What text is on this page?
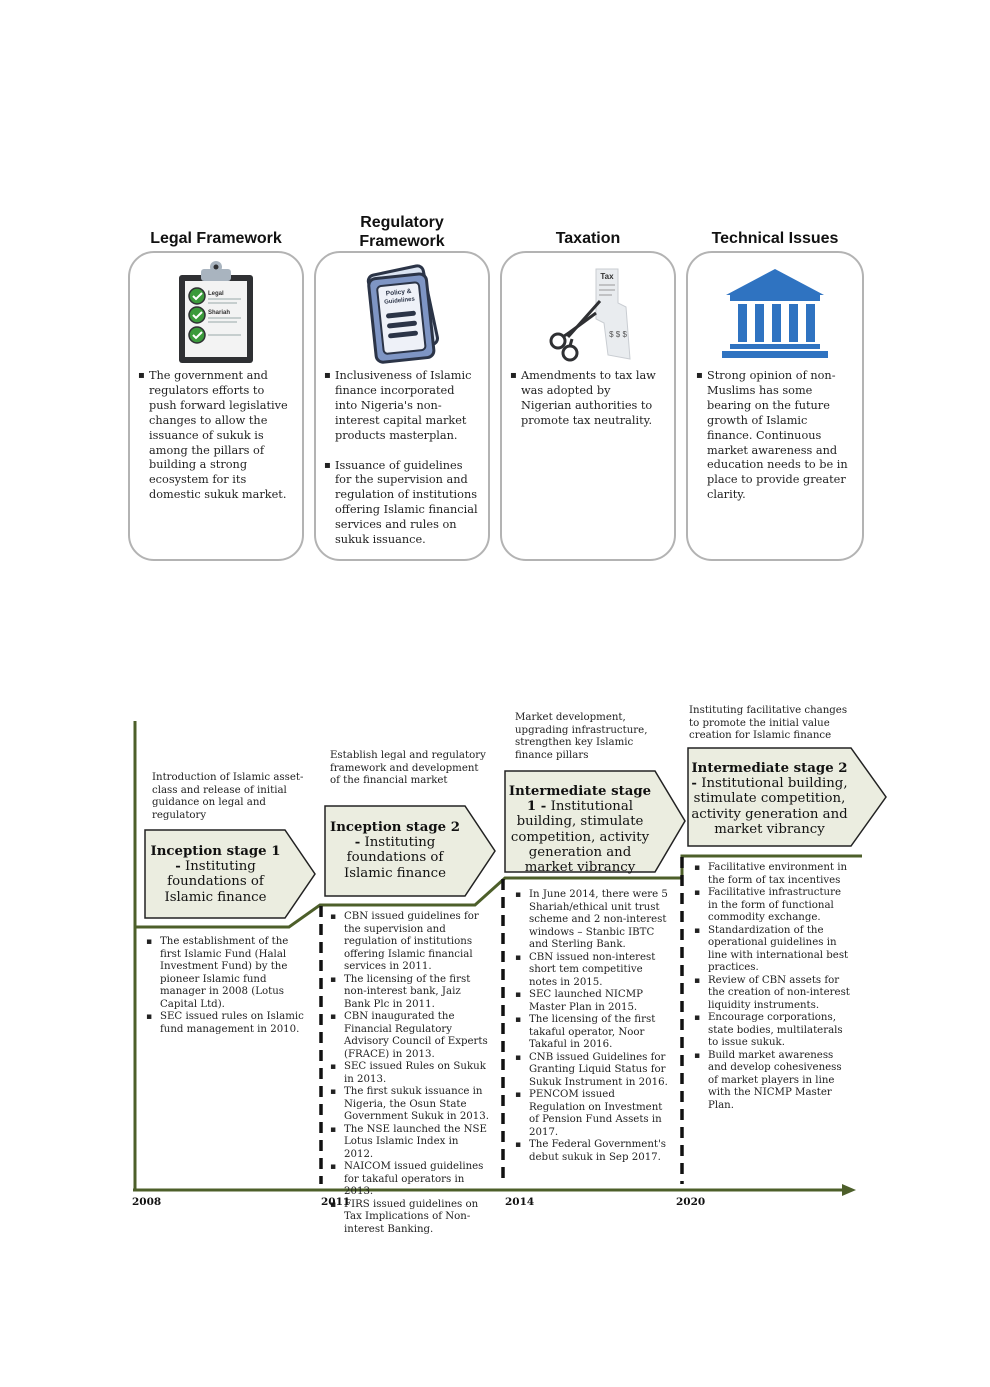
Legal Framework
Regulatory
Framework	Taxation	Technical Issues
Legal
Shariah
▪ The government and regulators efforts to push forward legislative changes to allow the issuance of sukuk is among the pillars of building a strong ecosystem for its domestic sukuk market.
Policy &
Guidelines
▪ Inclusiveness of Islamic finance incorporated into Nigeria's non-interest capital market products masterplan.
▪ Issuance of guidelines for the supervision and regulation of institutions offering Islamic financial services and rules on sukuk issuance.
Tax
$ $ $
▪ Amendments to tax law was adopted by Nigerian authorities to promote tax neutrality.
▪ Strong opinion of non-Muslims has some bearing on the future growth of Islamic finance. Continuous market awareness and education needs to be in place to provide greater clarity.
Introduction of Islamic asset-class and release of initial guidance on legal and regulatory
Establish legal and regulatory framework and development of the financial market
Market development, upgrading infrastructure, strengthen key Islamic finance pillars
Instituting facilitative changes to promote the initial value creation for Islamic finance
Inception stage 1 - Instituting foundations of Islamic finance
Inception stage 2 - Instituting foundations of Islamic finance
Intermediate stage 1 - Institutional building, stimulate competition, activity generation and market vibrancy
Intermediate stage 2 - Institutional building, stimulate competition, activity generation and market vibrancy
▪ The establishment of the first Islamic Fund (Halal Investment Fund) by the pioneer Islamic fund manager in 2008 (Lotus Capital Ltd).
▪ SEC issued rules on Islamic fund management in 2010.
▪ CBN issued guidelines for the supervision and regulation of institutions offering Islamic financial services in 2011.
▪ The licensing of the first non-interest bank, Jaiz Bank Plc in 2011.
▪ CBN inaugurated the Financial Regulatory Advisory Council of Experts (FRACE) in 2013.
▪ SEC issued Rules on Sukuk in 2013.
▪ The first sukuk issuance in Nigeria, the Osun State Government Sukuk in 2013.
▪ The NSE launched the NSE Lotus Islamic Index in 2012.
▪ NAICOM issued guidelines for takaful operators in 2013.
▪ FIRS issued guidelines on Tax Implications of Non-interest Banking.
▪ In June 2014, there were 5 Shariah/ethical unit trust scheme and 2 non-interest windows – Stanbic IBTC and Sterling Bank.
▪ CBN issued non-interest short tem competitive notes in 2015.
▪ SEC launched NICMP Master Plan in 2015.
▪ The licensing of the first takaful operator, Noor Takaful in 2016.
▪ CNB issued Guidelines for Granting Liquid Status for Sukuk Instrument in 2016.
▪ PENCOM issued Regulation on Investment of Pension Fund Assets in 2017.
▪ The Federal Government's debut sukuk in Sep 2017.
▪ Facilitative environment in the form of tax incentives
▪ Facilitative infrastructure in the form of functional commodity exchange.
▪ Standardization of the operational guidelines in line with international best practices.
▪ Review of CBN assets for the creation of non-interest liquidity instruments.
▪ Encourage corporations, state bodies, multilaterals to issue sukuk.
▪ Build market awareness and develop cohesiveness of market players in line with the NICMP Master Plan.
2008	2011	2014	2020
